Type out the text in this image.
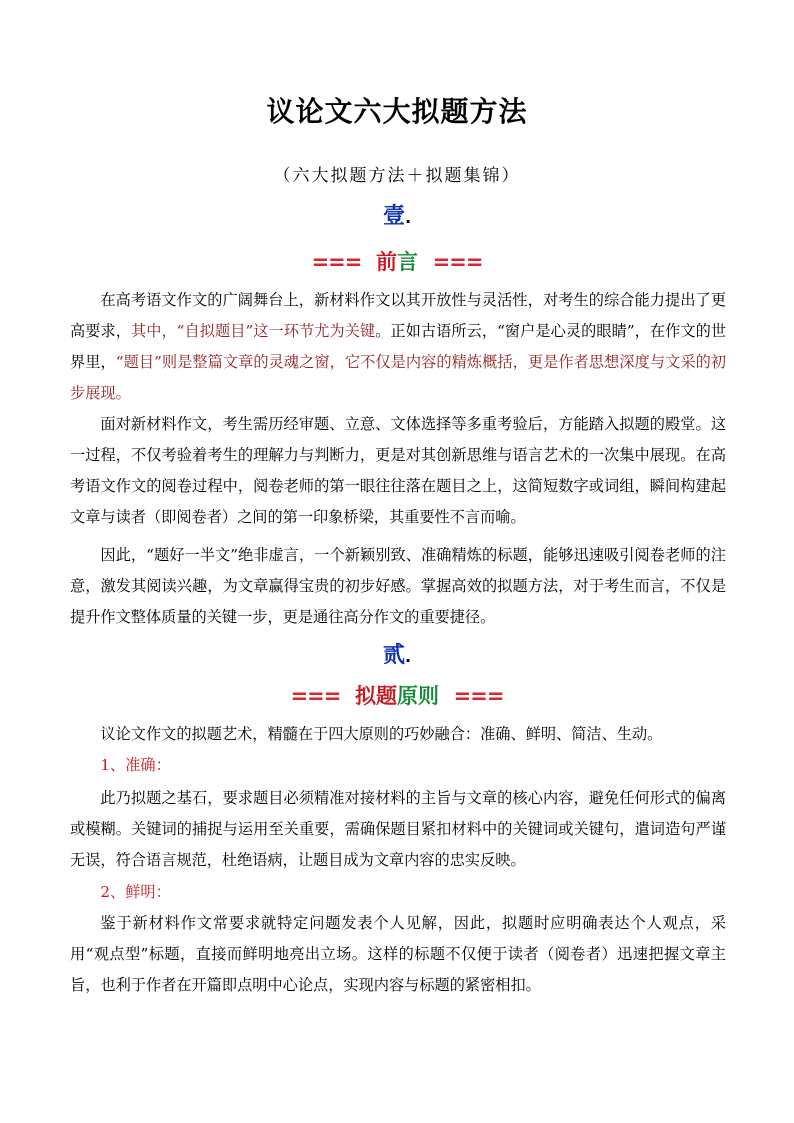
议论文六大拟题方法
（六大拟题方法＋拟题集锦）
壹.
=== 前言 ===

在高考语文作文的广阔舞台上，新材料作文以其开放性与灵活性，对考生的综合能力提出了更高要求，其中，“自拟题目”这一环节尤为关键。正如古语所云，“窗户是心灵的眼睛”，在作文的世界里，“题目”则是整篇文章的灵魂之窗，它不仅是内容的精炼概括，更是作者思想深度与文采的初步展现。

面对新材料作文，考生需历经审题、立意、文体选择等多重考验后，方能踏入拟题的殿堂。这一过程，不仅考验着考生的理解力与判断力，更是对其创新思维与语言艺术的一次集中展现。在高考语文作文的阅卷过程中，阅卷老师的第一眼往往落在题目之上，这简短数字或词组，瞬间构建起文章与读者（即阅卷者）之间的第一印象桥梁，其重要性不言而喻。

因此，“题好一半文”绝非虚言，一个新颖别致、准确精炼的标题，能够迅速吸引阅卷老师的注意，激发其阅读兴趣，为文章赢得宝贵的初步好感。掌握高效的拟题方法，对于考生而言，不仅是提升作文整体质量的关键一步，更是通往高分作文的重要捷径。

贰.
=== 拟题原则 ===

议论文作文的拟题艺术，精髓在于四大原则的巧妙融合：准确、鲜明、简洁、生动。

1、准确：

此乃拟题之基石，要求题目必须精准对接材料的主旨与文章的核心内容，避免任何形式的偏离或模糊。关键词的捕捉与运用至关重要，需确保题目紧扣材料中的关键词或关键句，遣词造句严谨无误，符合语言规范，杜绝语病，让题目成为文章内容的忠实反映。

2、鲜明：

鉴于新材料作文常要求就特定问题发表个人见解，因此，拟题时应明确表达个人观点，采用“观点型”标题，直接而鲜明地亮出立场。这样的标题不仅便于读者（阅卷者）迅速把握文章主旨，也利于作者在开篇即点明中心论点，实现内容与标题的紧密相扣。
